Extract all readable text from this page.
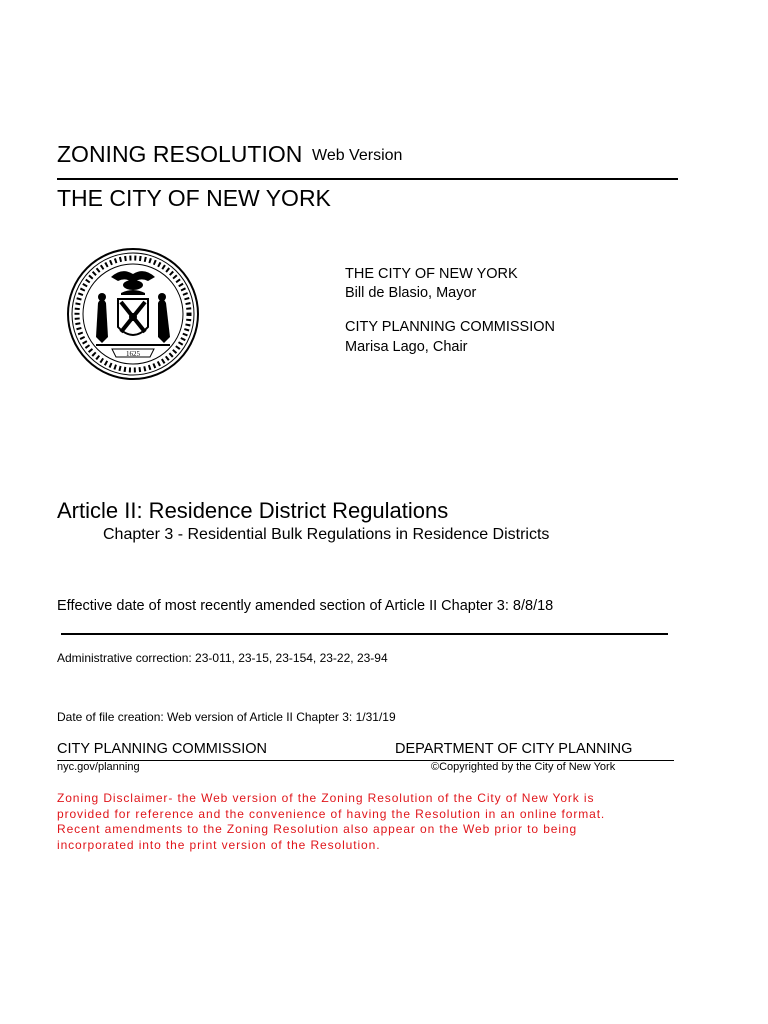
ZONING RESOLUTION Web Version
THE CITY OF NEW YORK
1625
THE CITY OF NEW YORK
Bill de Blasio, Mayor
CITY PLANNING COMMISSION
Marisa Lago, Chair
Article II: Residence District Regulations
Chapter 3 - Residential Bulk Regulations in Residence Districts
Effective date of most recently amended section of Article II Chapter 3: 8/8/18
Administrative correction: 23-011, 23-15, 23-154, 23-22, 23-94
Date of file creation: Web version of Article II Chapter 3: 1/31/19
CITY PLANNING COMMISSION	DEPARTMENT OF CITY PLANNING
nyc.gov/planning	©Copyrighted by the City of New York
Zoning Disclaimer- the Web version of the Zoning Resolution of the City of New York is
provided for reference and the convenience of having the Resolution in an online format.
Recent amendments to the Zoning Resolution also appear on the Web prior to being
incorporated into the print version of the Resolution.
